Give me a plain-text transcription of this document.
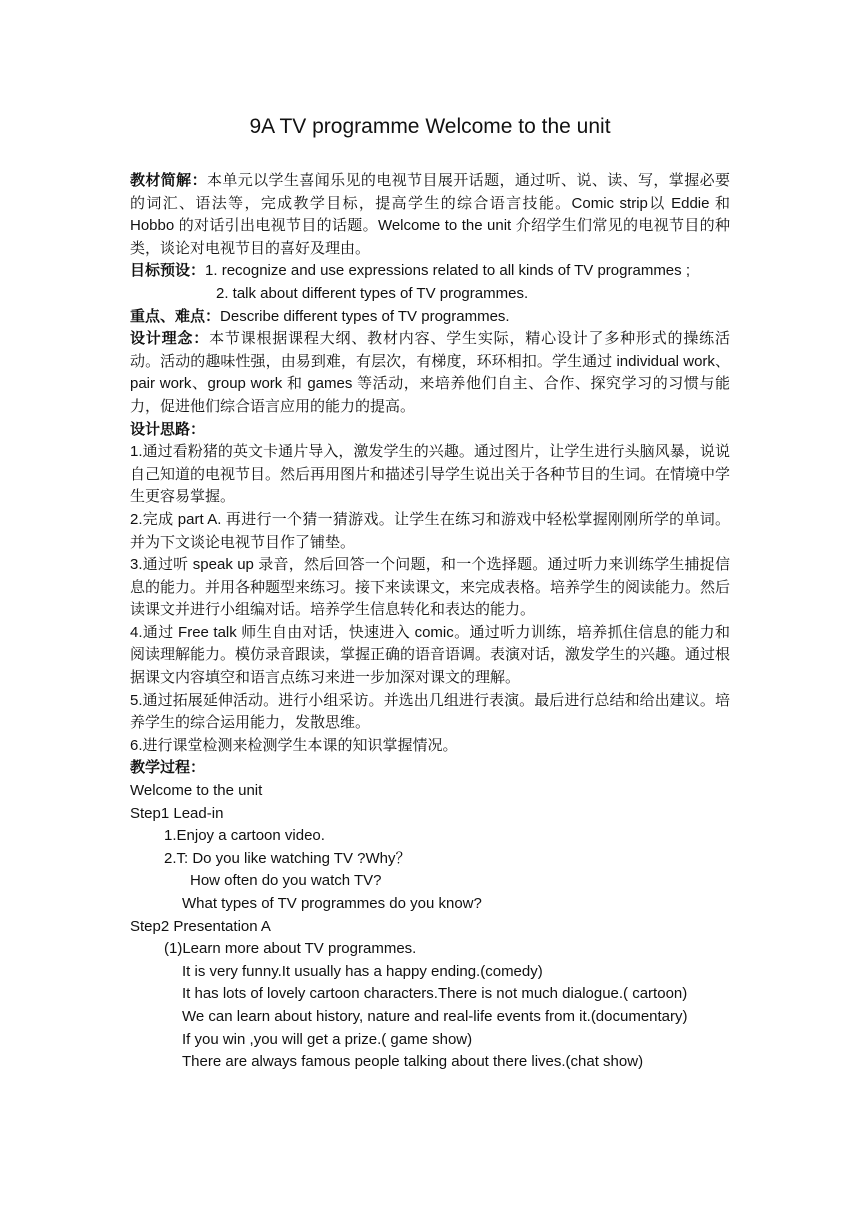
9A TV programme Welcome to the unit

教材简解：本单元以学生喜闻乐见的电视节目展开话题，通过听、说、读、写，掌握必要的词汇、语法等，完成教学目标，提高学生的综合语言技能。Comic strip以 Eddie 和 Hobbo 的对话引出电视节目的话题。Welcome to the unit 介绍学生们常见的电视节目的种类，谈论对电视节目的喜好及理由。

目标预设： 1. recognize and use expressions related to all kinds of TV programmes ;
2. talk about different types of TV programmes.

重点、难点：Describe different types of TV programmes.

设计理念：本节课根据课程大纲、教材内容、学生实际，精心设计了多种形式的操练活动。活动的趣味性强，由易到难，有层次，有梯度，环环相扣。学生通过 individual work、pair work、group work 和 games 等活动，来培养他们自主、合作、探究学习的习惯与能力，促进他们综合语言应用的能力的提高。

设计思路：

1.通过看粉猪的英文卡通片导入，激发学生的兴趣。通过图片，让学生进行头脑风暴，说说自己知道的电视节目。然后再用图片和描述引导学生说出关于各种节目的生词。在情境中学生更容易掌握。

2.完成 part A. 再进行一个猜一猜游戏。让学生在练习和游戏中轻松掌握刚刚所学的单词。并为下文谈论电视节目作了铺垫。

3.通过听 speak up 录音，然后回答一个问题，和一个选择题。通过听力来训练学生捕捉信息的能力。并用各种题型来练习。接下来读课文，来完成表格。培养学生的阅读能力。然后读课文并进行小组编对话。培养学生信息转化和表达的能力。

4.通过 Free talk 师生自由对话，快速进入 comic。通过听力训练，培养抓住信息的能力和阅读理解能力。模仿录音跟读，掌握正确的语音语调。表演对话，激发学生的兴趣。通过根据课文内容填空和语言点练习来进一步加深对课文的理解。

5.通过拓展延伸活动。进行小组采访。并选出几组进行表演。最后进行总结和给出建议。培养学生的综合运用能力，发散思维。

6.进行课堂检测来检测学生本课的知识掌握情况。

教学过程：
Welcome to the unit
Step1 Lead-in
1.Enjoy a cartoon video.
2.T: Do you like watching TV ?Why？
How often do you watch TV?
What types of TV programmes do you know?
Step2 Presentation A
(1)Learn more about TV programmes.
It is very funny.It usually has a happy ending.(comedy)
It has lots of lovely cartoon characters.There is not much dialogue.( cartoon)
We can learn about history, nature and real-life events from it.(documentary)
If you win ,you will get a prize.( game show)
There are always famous people talking about there lives.(chat show)
